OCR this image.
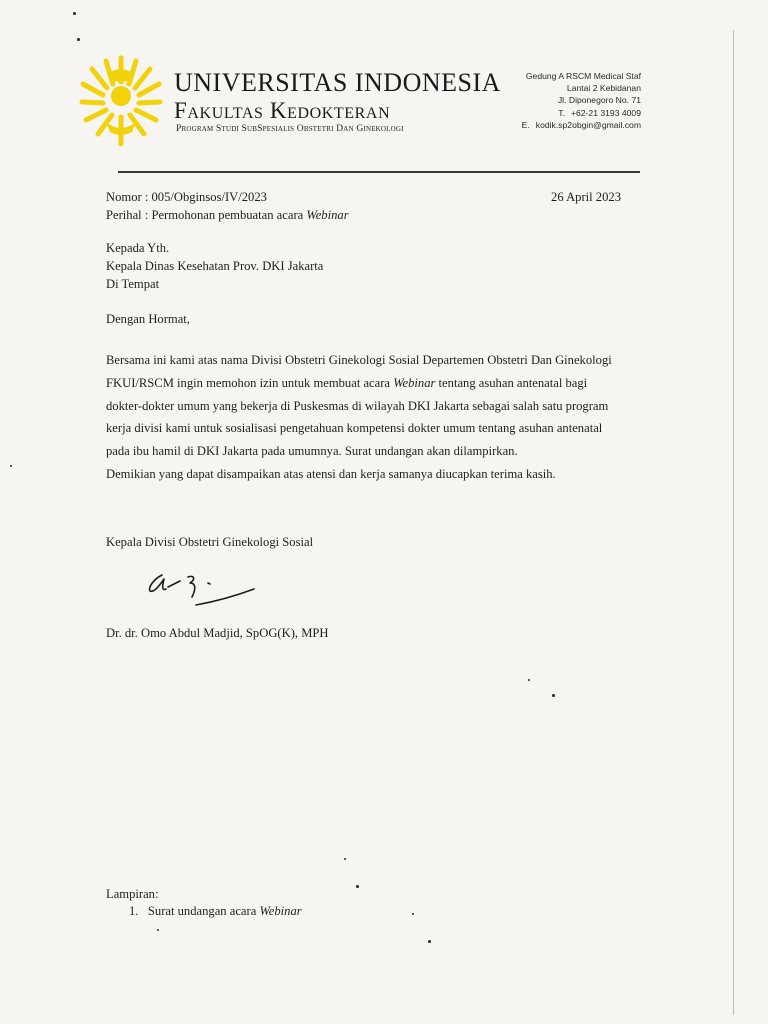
UNIVERSITAS INDONESIA
Fakultas Kedokteran
Program Studi SubSpesialis Obstetri Dan Ginekologi
Gedung A RSCM Medical Staf
Lantai 2 Kebidanan
Jl. Diponegoro No. 71
T. +62-21 3193 4009
E. kodik.sp2obgin@gmail.com
Nomor : 005/Obginsos/IV/2023
Perihal : Permohonan pembuatan acara Webinar
26 April 2023
Kepada Yth.
Kepala Dinas Kesehatan Prov. DKI Jakarta
Di Tempat
Dengan Hormat,
Bersama ini kami atas nama Divisi Obstetri Ginekologi Sosial Departemen Obstetri Dan Ginekologi
FKUI/RSCM ingin memohon izin untuk membuat acara Webinar tentang asuhan antenatal bagi
dokter-dokter umum yang bekerja di Puskesmas di wilayah DKI Jakarta sebagai salah satu program
kerja divisi kami untuk sosialisasi pengetahuan kompetensi dokter umum tentang asuhan antenatal
pada ibu hamil di DKI Jakarta pada umumnya. Surat undangan akan dilampirkan.
Demikian yang dapat disampaikan atas atensi dan kerja samanya diucapkan terima kasih.
Kepala Divisi Obstetri Ginekologi Sosial
Dr. dr. Omo Abdul Madjid, SpOG(K), MPH
Lampiran:
1. Surat undangan acara Webinar
